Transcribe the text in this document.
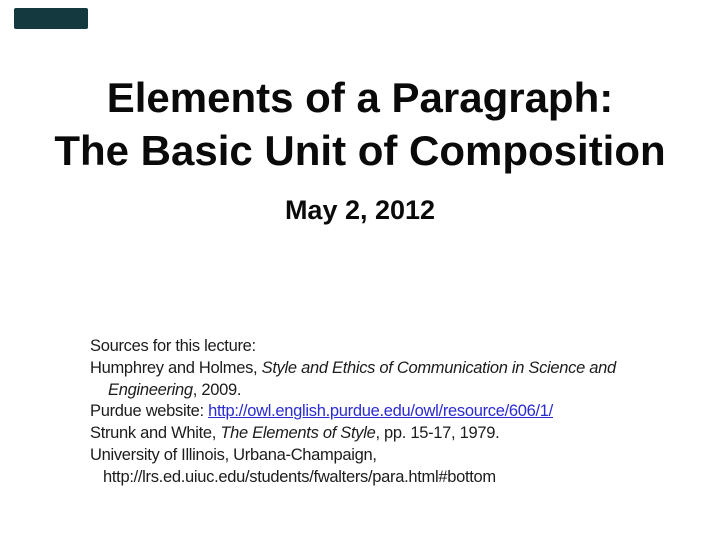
Elements of a Paragraph:
The Basic Unit of Composition
May 2, 2012
Sources for this lecture:
Humphrey and Holmes, Style and Ethics of Communication in Science and
Engineering, 2009.
Purdue website: http://owl.english.purdue.edu/owl/resource/606/1/
Strunk and White, The Elements of Style, pp. 15-17, 1979.
University of Illinois, Urbana-Champaign,
http://lrs.ed.uiuc.edu/students/fwalters/para.html#bottom
